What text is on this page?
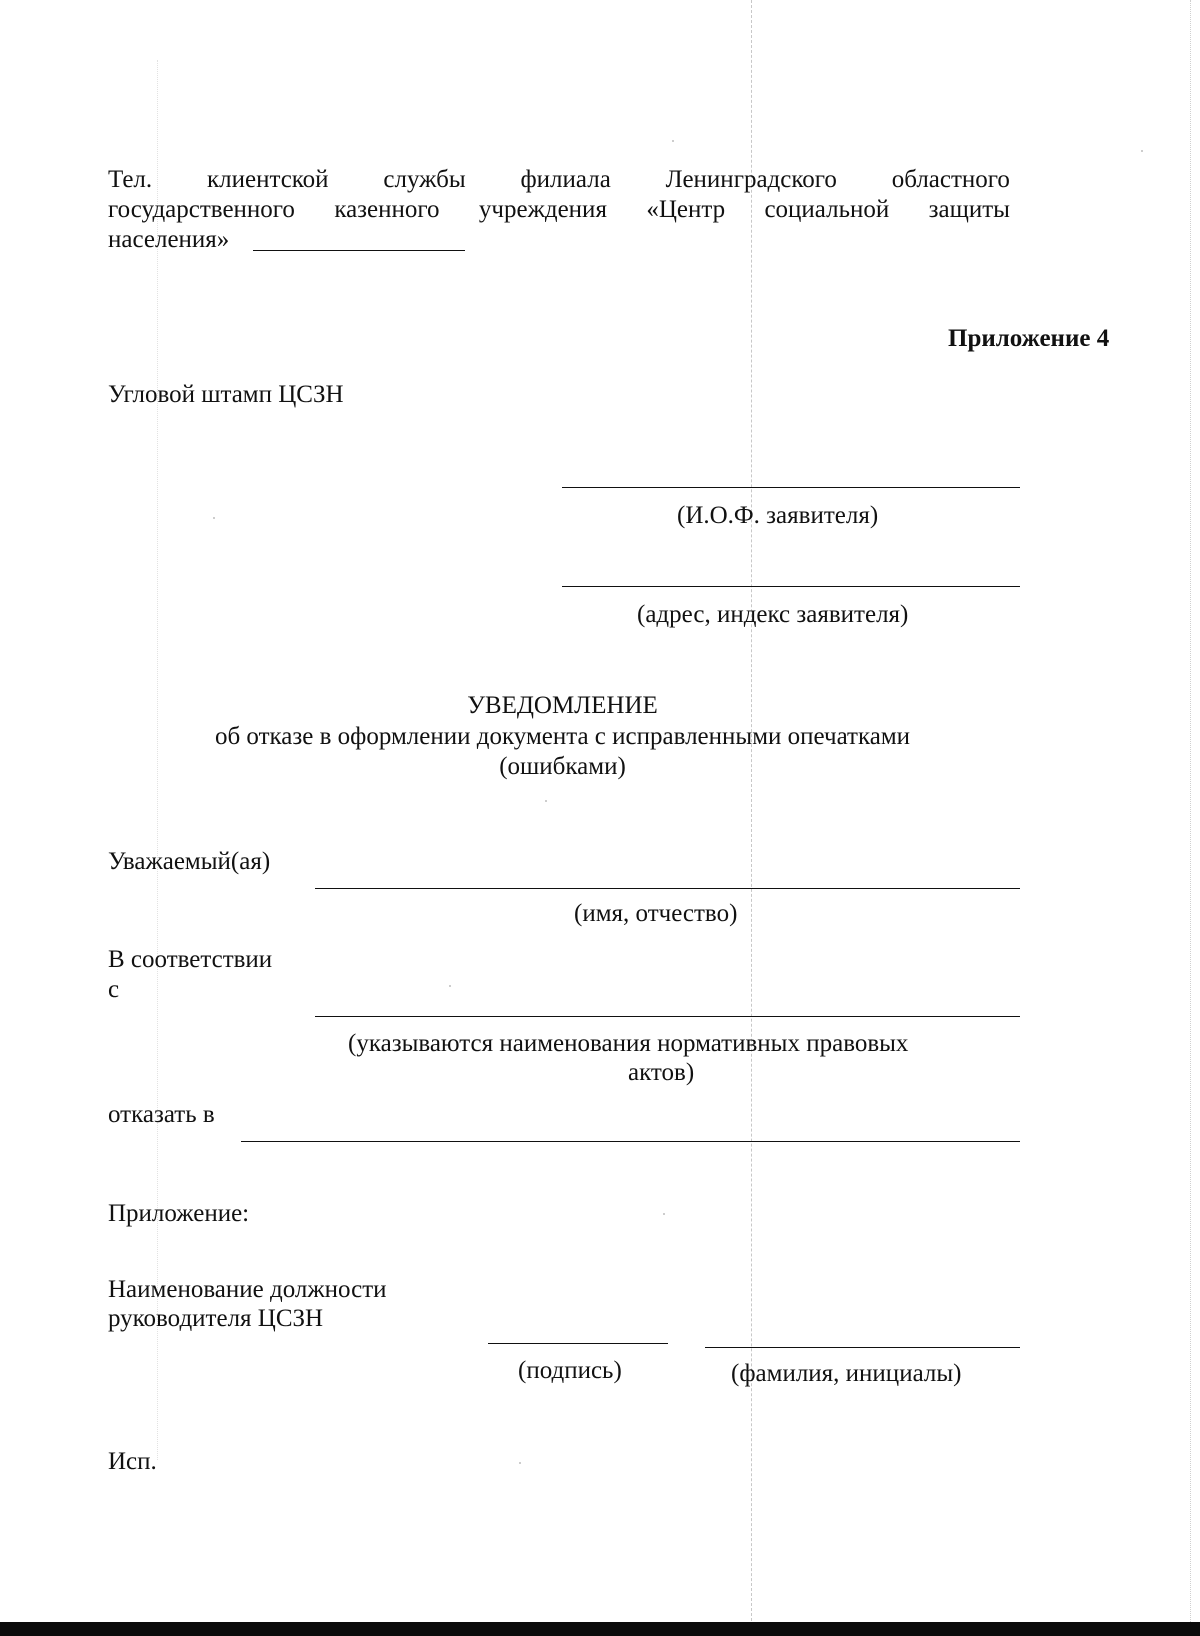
Тел. клиентской службы филиала Ленинградского областного
государственного казенного учреждения «Центр социальной защиты

населения»

Приложение 4

Угловой штамп ЦСЗН

(И.О.Ф. заявителя)

(адрес, индекс заявителя)

УВЕДОМЛЕНИЕ

об отказе в оформлении документа с исправленными опечатками

(ошибками)

Уважаемый(ая)

(имя, отчество)

В соответствии

с

(указываются наименования нормативных правовых

актов)

отказать в

Приложение:

Наименование должности

руководителя ЦСЗН

(подпись)	(фамилия, инициалы)

Исп.
